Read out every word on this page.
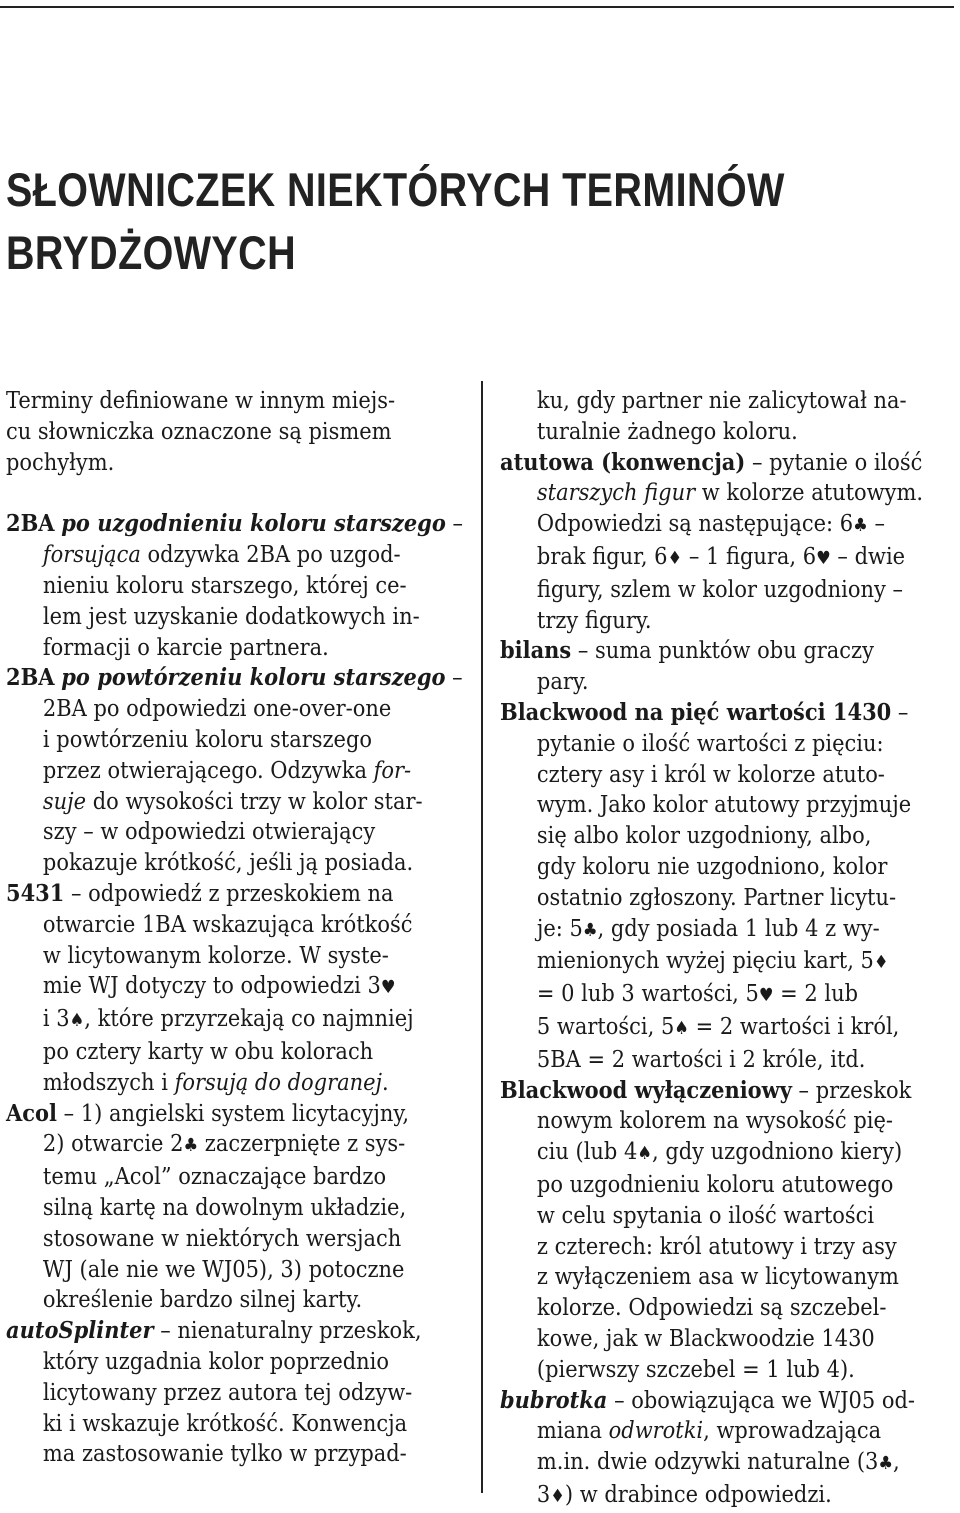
SŁOWNICZEK NIEKTÓRYCH TERMINÓW
BRYDŻOWYCH
Terminy definiowane w innym miejs-
cu słowniczka oznaczone są pismem
pochyłym.
2BA po uzgodnieniu koloru starszego –
forsująca odzywka 2BA po uzgod-
nieniu koloru starszego, której ce-
lem jest uzyskanie dodatkowych in-
formacji o karcie partnera.
2BA po powtórzeniu koloru starszego –
2BA po odpowiedzi one-over-one
i powtórzeniu koloru starszego
przez otwierającego. Odzywka for-
suje do wysokości trzy w kolor star-
szy – w odpowiedzi otwierający
pokazuje krótkość, jeśli ją posiada.
5431 – odpowiedź z przeskokiem na
otwarcie 1BA wskazująca krótkość
w licytowanym kolorze. W syste-
mie WJ dotyczy to odpowiedzi 3♥
i 3♠, które przyrzekają co najmniej
po cztery karty w obu kolorach
młodszych i forsują do dogranej.
Acol – 1) angielski system licytacyjny,
2) otwarcie 2♣ zaczerpnięte z sys-
temu „Acol” oznaczające bardzo
silną kartę na dowolnym układzie,
stosowane w niektórych wersjach
WJ (ale nie we WJ05), 3) potoczne
określenie bardzo silnej karty.
autoSplinter – nienaturalny przeskok,
który uzgadnia kolor poprzednio
licytowany przez autora tej odzyw-
ki i wskazuje krótkość. Konwencja
ma zastosowanie tylko w przypad-
ku, gdy partner nie zalicytował na-
turalnie żadnego koloru.
atutowa (konwencja) – pytanie o ilość
starszych figur w kolorze atutowym.
Odpowiedzi są następujące: 6♣ –
brak figur, 6♦ – 1 figura, 6♥ – dwie
figury, szlem w kolor uzgodniony –
trzy figury.
bilans – suma punktów obu graczy
pary.
Blackwood na pięć wartości 1430 –
pytanie o ilość wartości z pięciu:
cztery asy i król w kolorze atuto-
wym. Jako kolor atutowy przyjmuje
się albo kolor uzgodniony, albo,
gdy koloru nie uzgodniono, kolor
ostatnio zgłoszony. Partner licytu-
je: 5♣, gdy posiada 1 lub 4 z wy-
mienionych wyżej pięciu kart, 5♦
= 0 lub 3 wartości, 5♥ = 2 lub
5 wartości, 5♠ = 2 wartości i król,
5BA = 2 wartości i 2 króle, itd.
Blackwood wyłączeniowy – przeskok
nowym kolorem na wysokość pię-
ciu (lub 4♠, gdy uzgodniono kiery)
po uzgodnieniu koloru atutowego
w celu spytania o ilość wartości
z czterech: król atutowy i trzy asy
z wyłączeniem asa w licytowanym
kolorze. Odpowiedzi są szczebel-
kowe, jak w Blackwoodzie 1430
(pierwszy szczebel = 1 lub 4).
bubrotka – obowiązująca we WJ05 od-
miana odwrotki, wprowadzająca
m.in. dwie odzywki naturalne (3♣,
3♦) w drabince odpowiedzi.
